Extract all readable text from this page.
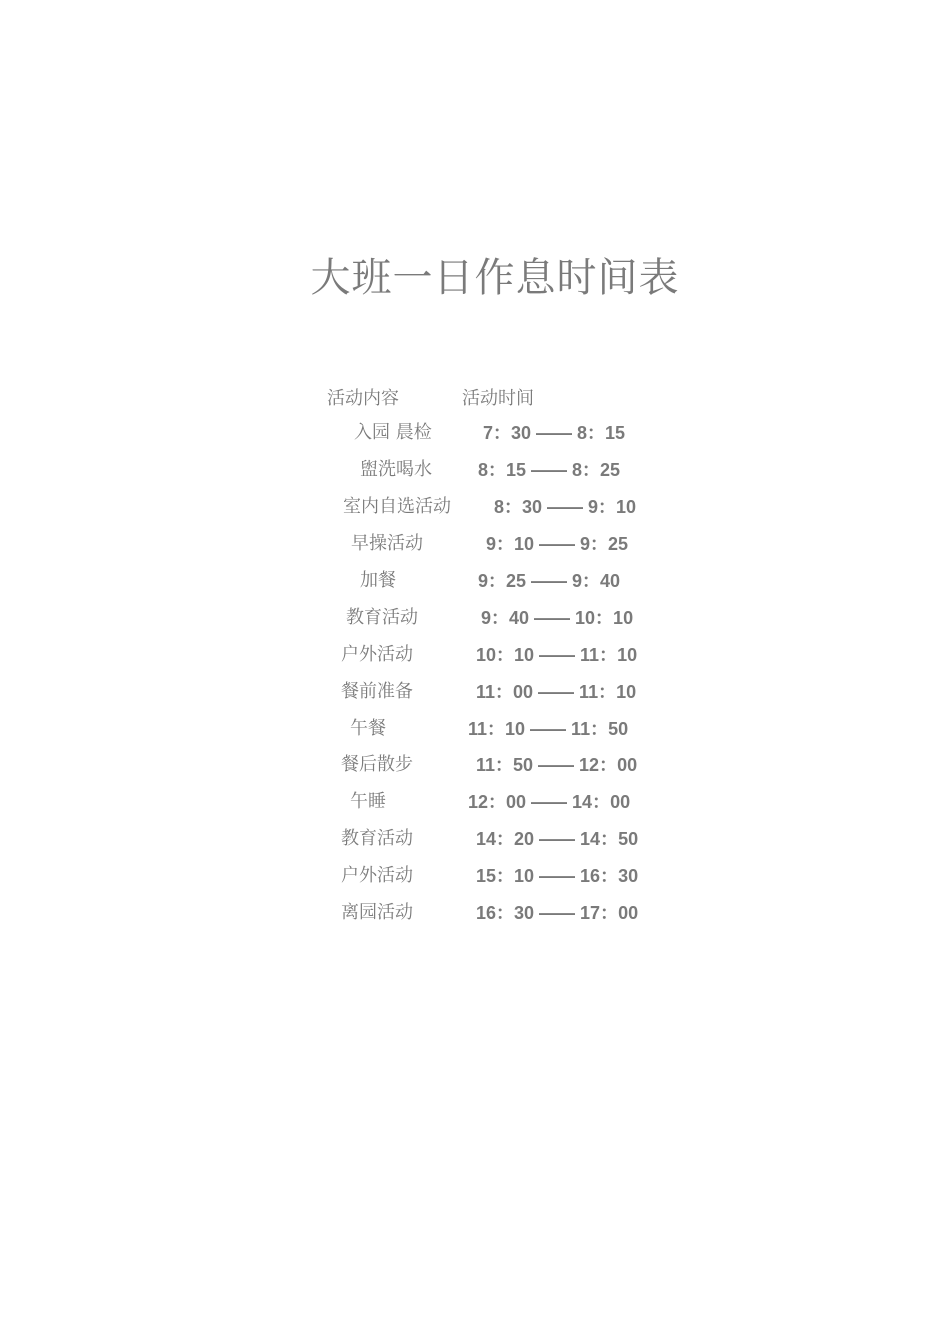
大班一日作息时间表
活动内容	活动时间
入园 晨检	7：30 —— 8：15
盥洗喝水	8：15 —— 8：25
室内自选活动 8：30 —— 9：10
早操活动	9：10 —— 9：25
加餐	9：25 —— 9：40
教育活动	9：40 —— 10：10
户外活动	10：10 —— 11：10
餐前准备	11：00 —— 11：10
午餐	11：10 —— 11：50
餐后散步	11：50 —— 12：00
午睡	12：00 —— 14：00
教育活动	14：20 —— 14：50
户外活动	15：10 —— 16：30
离园活动	16：30 —— 17：00
